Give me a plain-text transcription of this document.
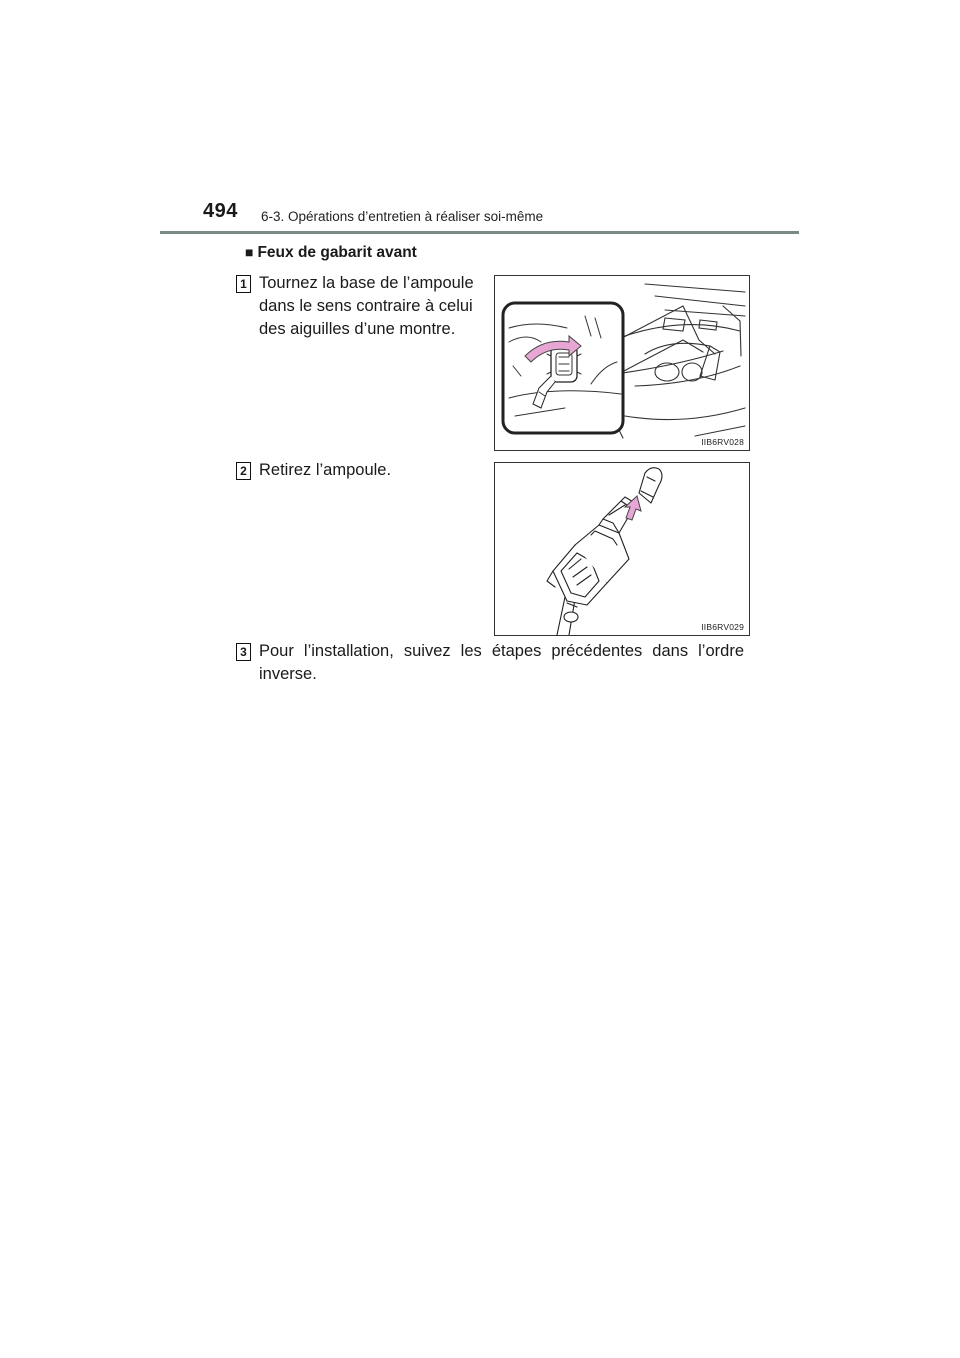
494 6-3. Opérations d’entretien à réaliser soi-même
■ Feux de gabarit avant
1 Tournez la base de l’ampoule
dans le sens contraire à celui
des aiguilles d’une montre.
IIB6RV028
2 Retirez l’ampoule.
IIB6RV029
3 Pour l’installation, suivez les étapes précédentes dans l’ordre
inverse.
